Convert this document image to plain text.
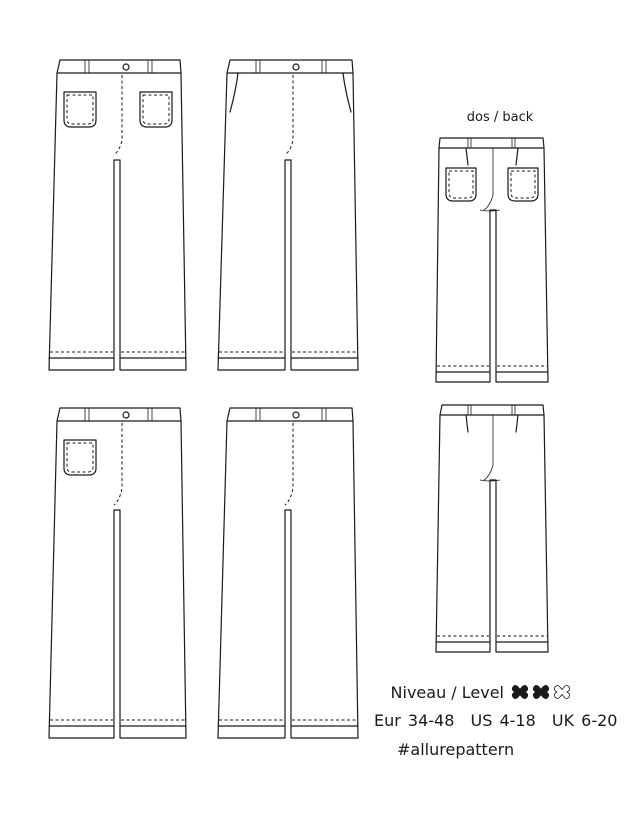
dos / back
Niveau / Level
Eur 34-48 US 4-18 UK 6-20
#allurepattern
